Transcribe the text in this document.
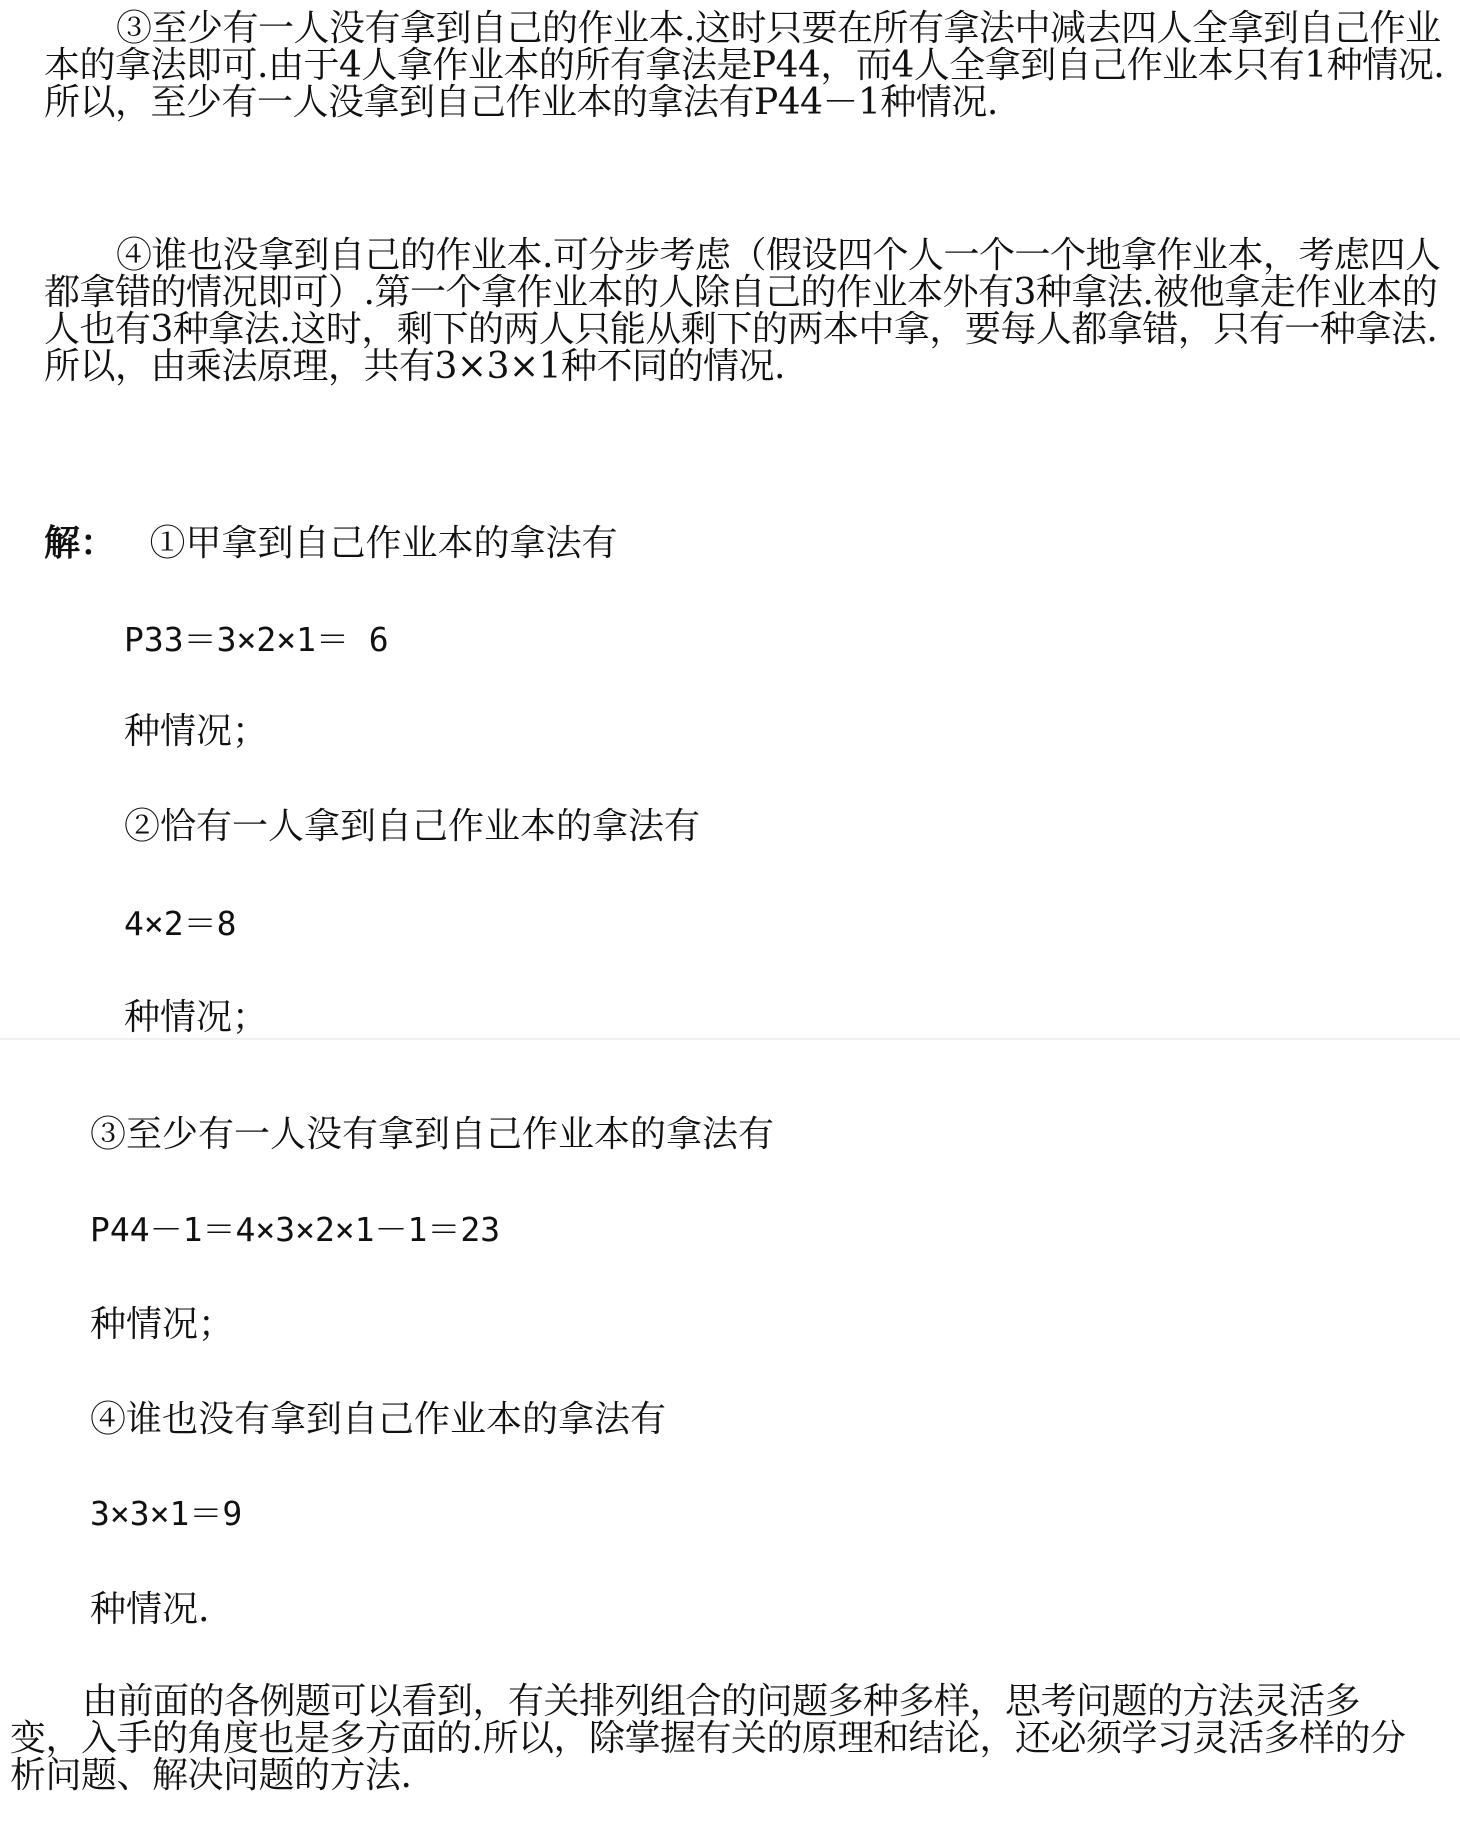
③至少有一人没有拿到自己的作业本.这时只要在所有拿法中减去四人全拿到自己作业本的拿法即可.由于4人拿作业本的所有拿法是P44，而4人全拿到自己作业本只有1种情况.所以，至少有一人没拿到自己作业本的拿法有P44－1种情况.

④谁也没拿到自己的作业本.可分步考虑（假设四个人一个一个地拿作业本，考虑四人都拿错的情况即可）.第一个拿作业本的人除自己的作业本外有3种拿法.被他拿走作业本的人也有3种拿法.这时，剩下的两人只能从剩下的两本中拿，要每人都拿错，只有一种拿法.所以，由乘法原理，共有3×3×1种不同的情况.

解： ①甲拿到自己作业本的拿法有
P33＝3×2×1＝ 6
种情况；
②恰有一人拿到自己作业本的拿法有
4×2＝8
种情况；
③至少有一人没有拿到自己作业本的拿法有
P44－1＝4×3×2×1－1＝23
种情况；
④谁也没有拿到自己作业本的拿法有
3×3×1＝9
种情况.

由前面的各例题可以看到，有关排列组合的问题多种多样，思考问题的方法灵活多变，入手的角度也是多方面的.所以，除掌握有关的原理和结论，还必须学习灵活多样的分析问题、解决问题的方法.
